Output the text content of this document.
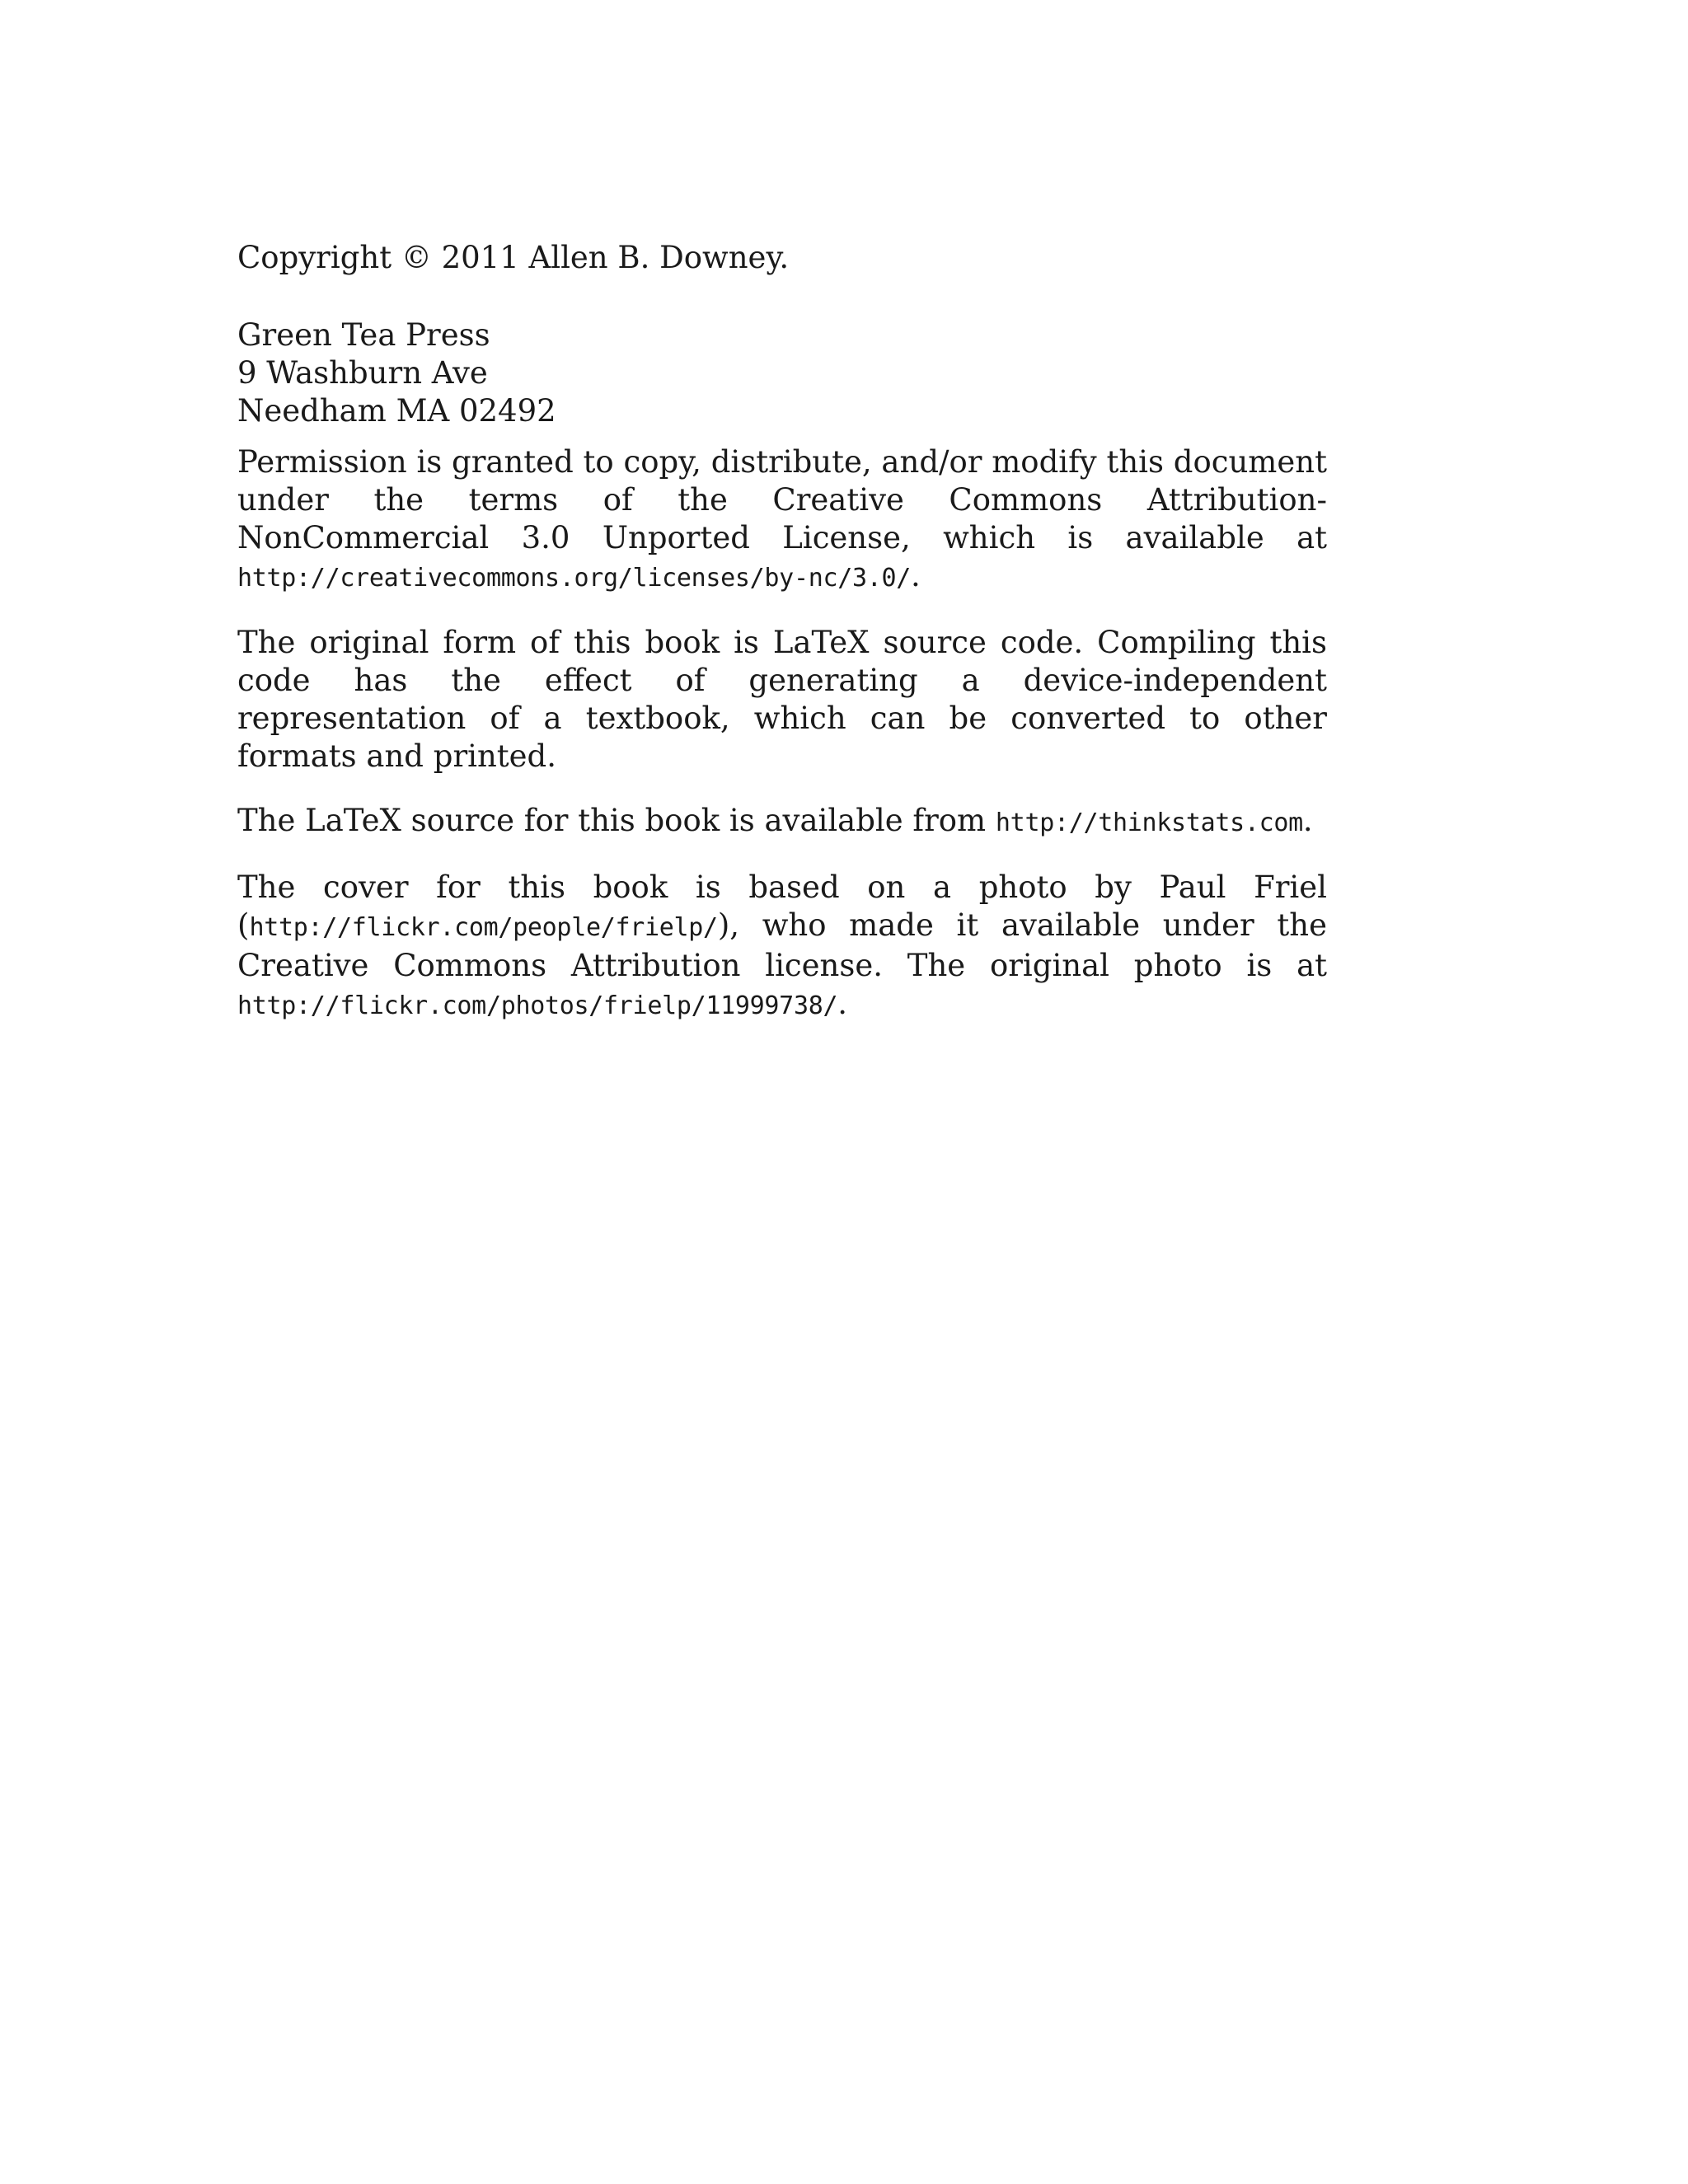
Copyright © 2011 Allen B. Downey.

Green Tea Press
9 Washburn Ave
Needham MA 02492

Permission is granted to copy, distribute, and/or modify this document under the terms of the Creative Commons Attribution-NonCommercial 3.0 Unported License, which is available at http://creativecommons.org/licenses/by-nc/3.0/.

The original form of this book is LaTeX source code. Compiling this code has the effect of generating a device-independent representation of a textbook, which can be converted to other formats and printed.

The LaTeX source for this book is available from http://thinkstats.com.

The cover for this book is based on a photo by Paul Friel (http://flickr.com/people/frielp/), who made it available under the Creative Commons Attribution license. The original photo is at http://flickr.com/photos/frielp/11999738/.
